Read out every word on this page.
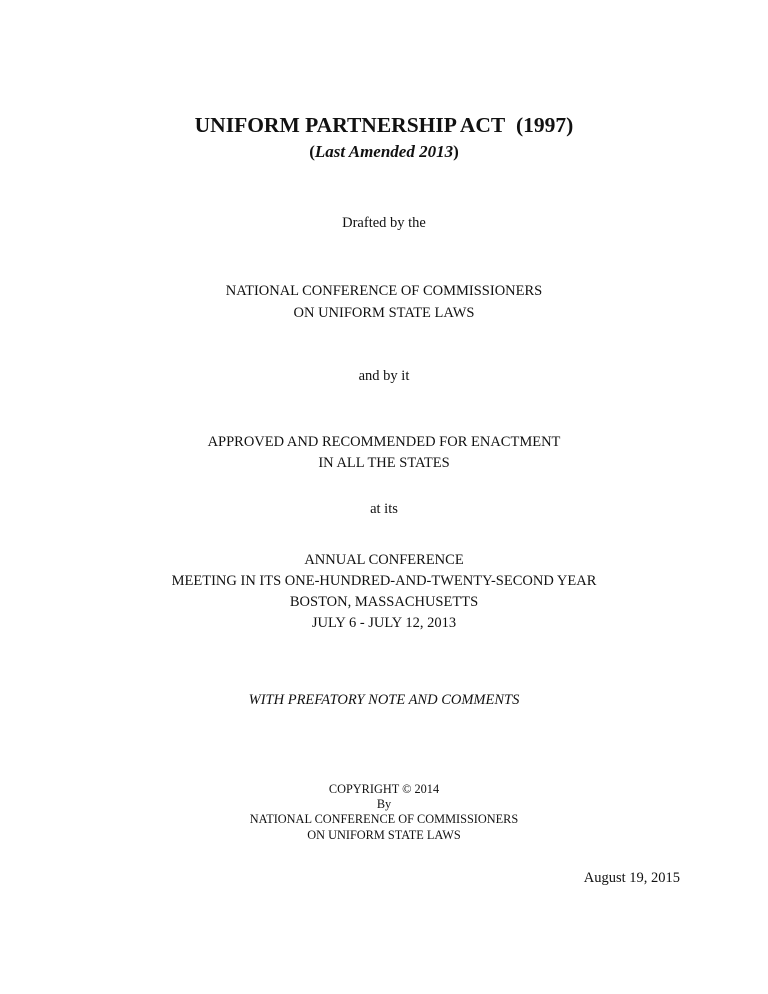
UNIFORM PARTNERSHIP ACT  (1997)
(Last Amended 2013)
Drafted by the
NATIONAL CONFERENCE OF COMMISSIONERS
ON UNIFORM STATE LAWS
and by it
APPROVED AND RECOMMENDED FOR ENACTMENT
IN ALL THE STATES
at its
ANNUAL CONFERENCE
MEETING IN ITS ONE-HUNDRED-AND-TWENTY-SECOND YEAR
BOSTON, MASSACHUSETTS
JULY 6 - JULY 12, 2013
WITH PREFATORY NOTE AND COMMENTS
COPYRIGHT © 2014
By
NATIONAL CONFERENCE OF COMMISSIONERS
ON UNIFORM STATE LAWS
August 19, 2015
